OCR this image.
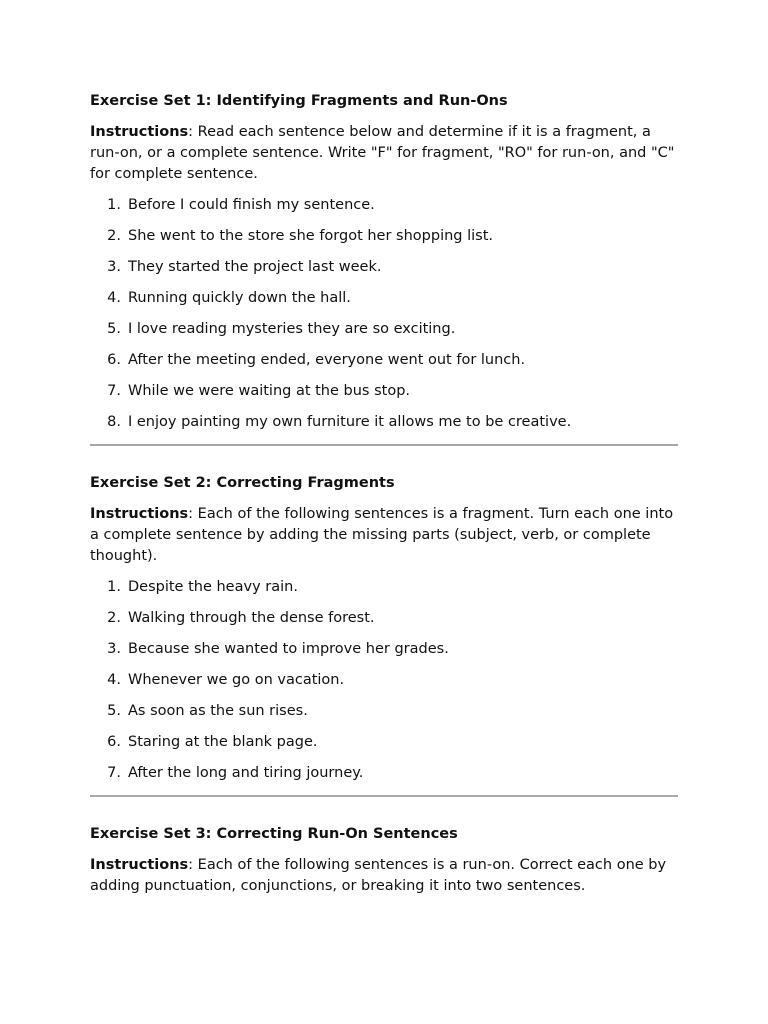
Exercise Set 1: Identifying Fragments and Run-Ons

Instructions: Read each sentence below and determine if it is a fragment, a run-on, or a complete sentence. Write "F" for fragment, "RO" for run-on, and "C" for complete sentence.

1. Before I could finish my sentence.
2. She went to the store she forgot her shopping list.
3. They started the project last week.
4. Running quickly down the hall.
5. I love reading mysteries they are so exciting.
6. After the meeting ended, everyone went out for lunch.
7. While we were waiting at the bus stop.
8. I enjoy painting my own furniture it allows me to be creative.
Exercise Set 2: Correcting Fragments

Instructions: Each of the following sentences is a fragment. Turn each one into a complete sentence by adding the missing parts (subject, verb, or complete thought).

1. Despite the heavy rain.
2. Walking through the dense forest.
3. Because she wanted to improve her grades.
4. Whenever we go on vacation.
5. As soon as the sun rises.
6. Staring at the blank page.
7. After the long and tiring journey.
Exercise Set 3: Correcting Run-On Sentences

Instructions: Each of the following sentences is a run-on. Correct each one by adding punctuation, conjunctions, or breaking it into two sentences.
